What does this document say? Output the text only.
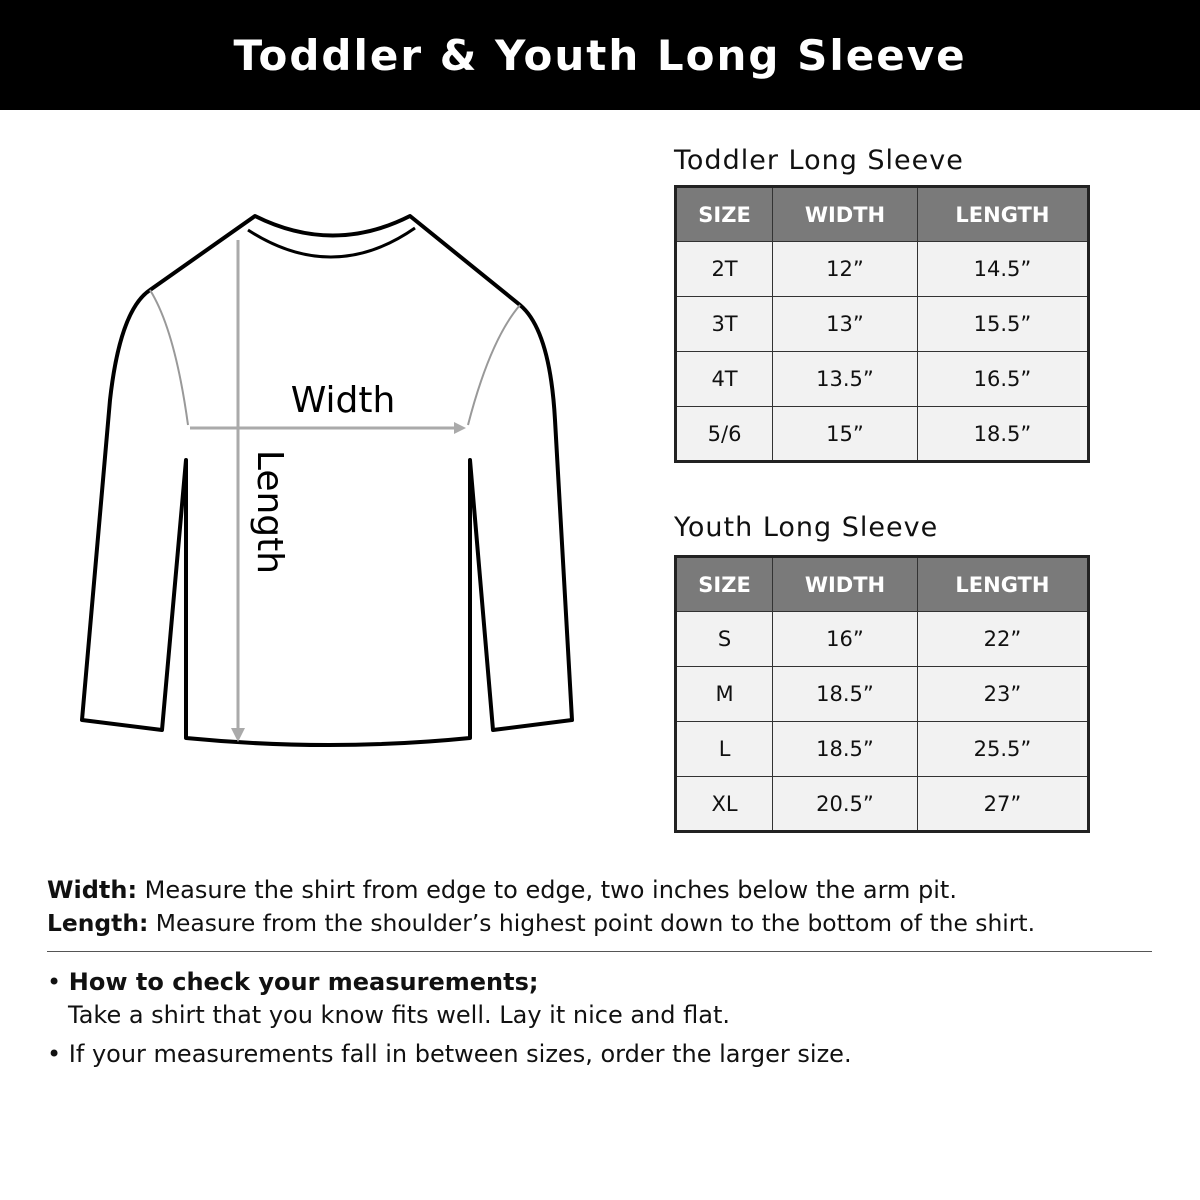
Toddler & Youth Long Sleeve
Width
Length
Toddler Long Sleeve
SIZE	WIDTH	LENGTH
2T	12”	14.5”
3T	13”	15.5”
4T	13.5”	16.5”
5/6	15”	18.5”
Youth Long Sleeve
SIZE	WIDTH	LENGTH
S	16”	22”
M	18.5”	23”
L	18.5”	25.5”
XL	20.5”	27”
Width: Measure the shirt from edge to edge, two inches below the arm pit.
Length: Measure from the shoulder’s highest point down to the bottom of the shirt.
• How to check your measurements;
Take a shirt that you know fits well. Lay it nice and flat.
• If your measurements fall in between sizes, order the larger size.
